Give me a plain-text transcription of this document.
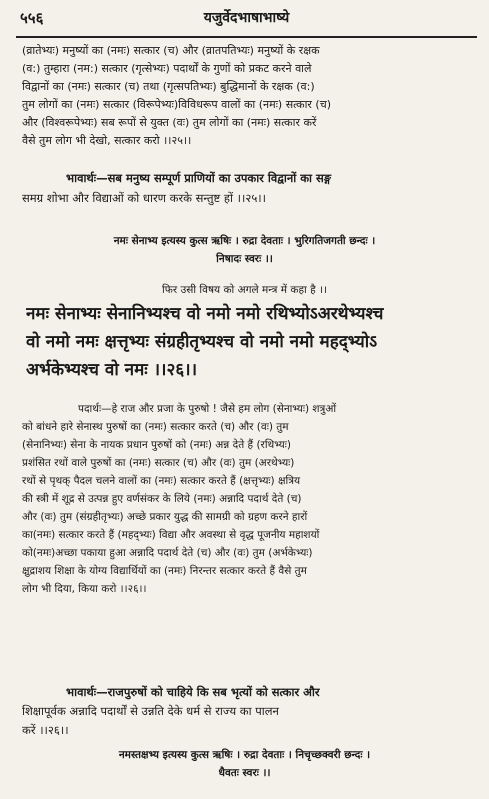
५५६	यजुर्वेदभाषाभाष्ये
(व्रातेभ्यः) मनुष्यों का (नमः) सत्कार (च) और (व्रातपतिभ्यः) मनुष्यों के रक्षक
(व:) तुम्हारा (नम:) सत्कार (गृत्सेभ्यः) पदार्थों के गुणों को प्रकट करने वाले
विद्वानों का (नमः) सत्कार (च) तथा (गृत्सपतिभ्यः) बुद्धिमानों के रक्षक (व:)
तुम लोगों का (नमः) सत्कार (विरूपेभ्यः)विविधरूप वालों का (नमः) सत्कार (च)
और (विश्वरूपेभ्यः) सब रूपों से युक्त (वः) तुम लोगों का (नमः) सत्कार करें
वैसे तुम लोग भी देखो, सत्कार करो ।।२५।।
भावार्थः—सब मनुष्य सम्पूर्ण प्राणियों का उपकार विद्वानों का सङ्ग
समग्र शोभा और विद्याओं को धारण करके सन्तुष्ट हों ।।२५।।
नमः सेनाभ्य इत्यस्य कुत्स ऋषिः । रुद्रा देवताः । भुरिगतिजगती छन्दः ।
निषादः स्वरः ।।
फिर उसी विषय को अगले मन्त्र में कहा है ।।
नमः सेनाभ्यः सेनानिभ्यश्च वो नमो नमो रथिभ्योऽअरथेभ्यश्च
वो नमो नमः क्षत्तृभ्यः संग्रहीतृभ्यश्च वो नमो नमो महद्भ्योऽ
अर्भकेभ्यश्च वो नमः ।।२६।।
पदार्थः—हे राज और प्रजा के पुरुषो ! जैसे हम लोग (सेनाभ्यः) शत्रुओं
को बांधने हारे सेनास्थ पुरुषों का (नमः) सत्कार करते (च) और (वः) तुम
(सेनानिभ्यः) सेना के नायक प्रधान पुरुषों को (नमः) अन्न देते हैं (रथिभ्यः)
प्रशंसित रथों वाले पुरुषों का (नमः) सत्कार (च) और (वः) तुम (अरथेभ्यः)
रथों से पृथक् पैदल चलने वालों का (नमः) सत्कार करते हैं (क्षत्तृभ्यः) क्षत्रिय
की स्त्री में शूद्र से उत्पन्न हुए वर्णसंकर के लिये (नमः) अन्नादि पदार्थ देते (च)
और (वः) तुम (संग्रहीतृभ्यः) अच्छे प्रकार युद्ध की सामग्री को ग्रहण करने हारों
का(नमः) सत्कार करते हैं (महद्भ्यः) विद्या और अवस्था से वृद्ध पूजनीय महाशयों
को(नमः)अच्छा पकाया हुआ अन्नादि पदार्थ देते (च) और (वः) तुम (अर्भकेभ्यः)
क्षुद्राशय शिक्षा के योग्य विद्यार्थियों का (नमः) निरन्तर सत्कार करते हैं वैसे तुम
लोग भी दिया, किया करो ।।२६।।
भावार्थः—राजपुरुषों को चाहिये कि सब भृत्यों को सत्कार और
शिक्षापूर्वक अन्नादि पदार्थों से उन्नति देके धर्म से राज्य का पालन
करें ।।२६।।
नमस्तक्षभ्य इत्यस्य कुत्स ऋषिः । रुद्रा देवताः । निचृच्छक्वरी छन्दः ।
धैवतः स्वरः ।।
